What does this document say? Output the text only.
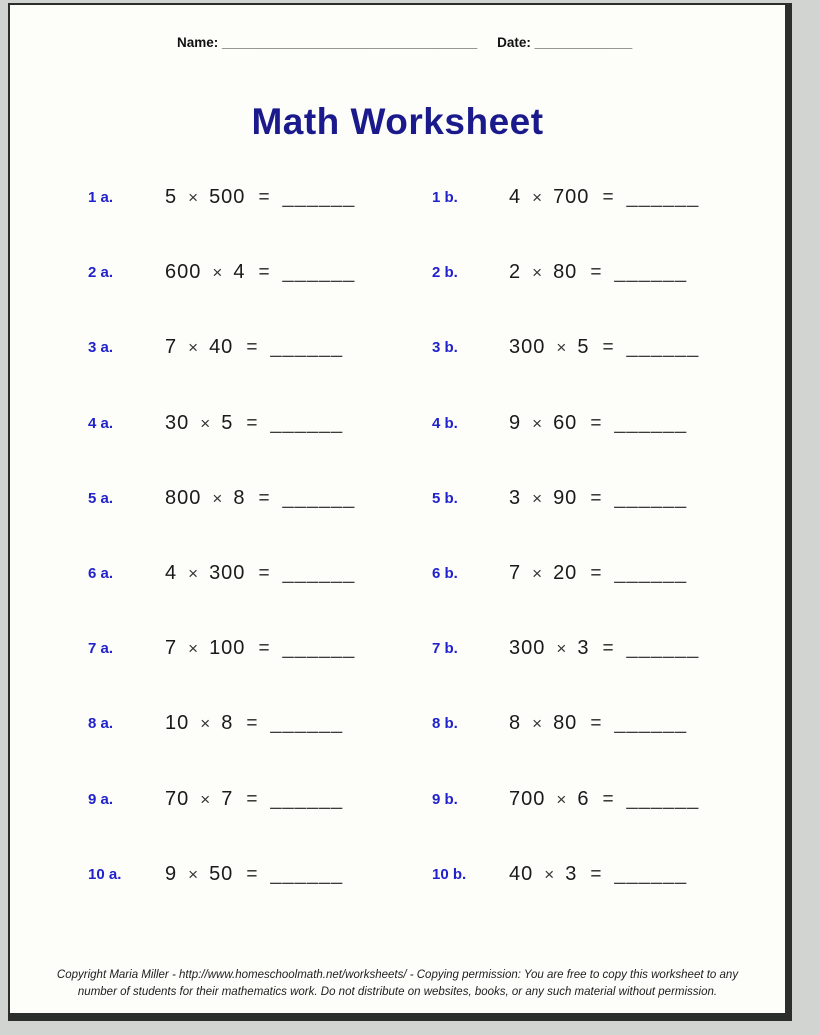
Name: __________________________________ Date: _____________
Math Worksheet
1 a.	5 × 500 = ______	1 b.	4 × 700 = ______
2 a.	600 × 4 = ______	2 b.	2 × 80 = ______
3 a.	7 × 40 = ______	3 b.	300 × 5 = ______
4 a.	30 × 5 = ______	4 b.	9 × 60 = ______
5 a.	800 × 8 = ______	5 b.	3 × 90 = ______
6 a.	4 × 300 = ______	6 b.	7 × 20 = ______
7 a.	7 × 100 = ______	7 b.	300 × 3 = ______
8 a.	10 × 8 = ______	8 b.	8 × 80 = ______
9 a.	70 × 7 = ______	9 b.	700 × 6 = ______
10 a.	9 × 50 = ______	10 b.	40 × 3 = ______
Copyright Maria Miller - http://www.homeschoolmath.net/worksheets/ - Copying permission: You are free to copy this worksheet to any
number of students for their mathematics work. Do not distribute on websites, books, or any such material without permission.
